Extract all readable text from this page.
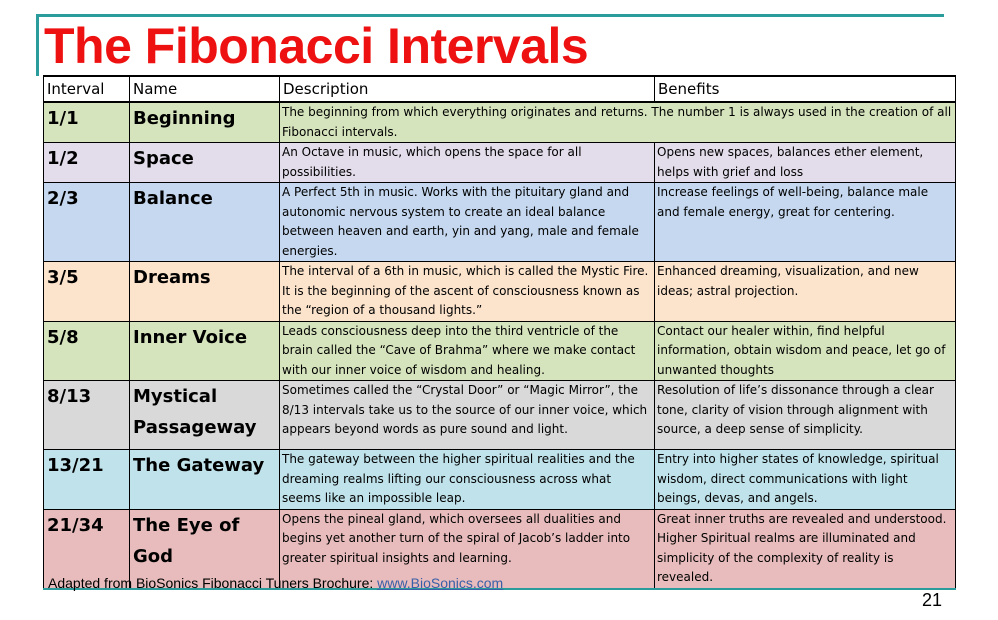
The Fibonacci Intervals
Interval	Name	Description	Benefits
1/1	Beginning	The beginning from which everything originates and returns. The number 1 is always used in the creation of all Fibonacci intervals.	
1/2	Space	An Octave in music, which opens the space for all possibilities.	Opens new spaces, balances ether element, helps with grief and loss
2/3	Balance	A Perfect 5th in music. Works with the pituitary gland and autonomic nervous system to create an ideal balance between heaven and earth, yin and yang, male and female energies.	Increase feelings of well-being, balance male and female energy, great for centering.
3/5	Dreams	The interval of a 6th in music, which is called the Mystic Fire. It is the beginning of the ascent of consciousness known as the “region of a thousand lights.”	Enhanced dreaming, visualization, and new ideas; astral projection.
5/8	Inner Voice	Leads consciousness deep into the third ventricle of the brain called the “Cave of Brahma” where we make contact with our inner voice of wisdom and healing.	Contact our healer within, find helpful information, obtain wisdom and peace, let go of unwanted thoughts
8/13	Mystical Passageway	Sometimes called the “Crystal Door” or “Magic Mirror”, the 8/13 intervals take us to the source of our inner voice, which appears beyond words as pure sound and light.	Resolution of life’s dissonance through a clear tone, clarity of vision through alignment with source, a deep sense of simplicity.
13/21	The Gateway	The gateway between the higher spiritual realities and the dreaming realms lifting our consciousness across what seems like an impossible leap.	Entry into higher states of knowledge, spiritual wisdom, direct communications with light beings, devas, and angels.
21/34	The Eye of God	Opens the pineal gland, which oversees all dualities and begins yet another turn of the spiral of Jacob’s ladder into greater spiritual insights and learning.	Great inner truths are revealed and understood. Higher Spiritual realms are illuminated and simplicity of the complexity of reality is revealed.
Adapted from BioSonics Fibonacci Tuners Brochure: www.BioSonics.com
21
